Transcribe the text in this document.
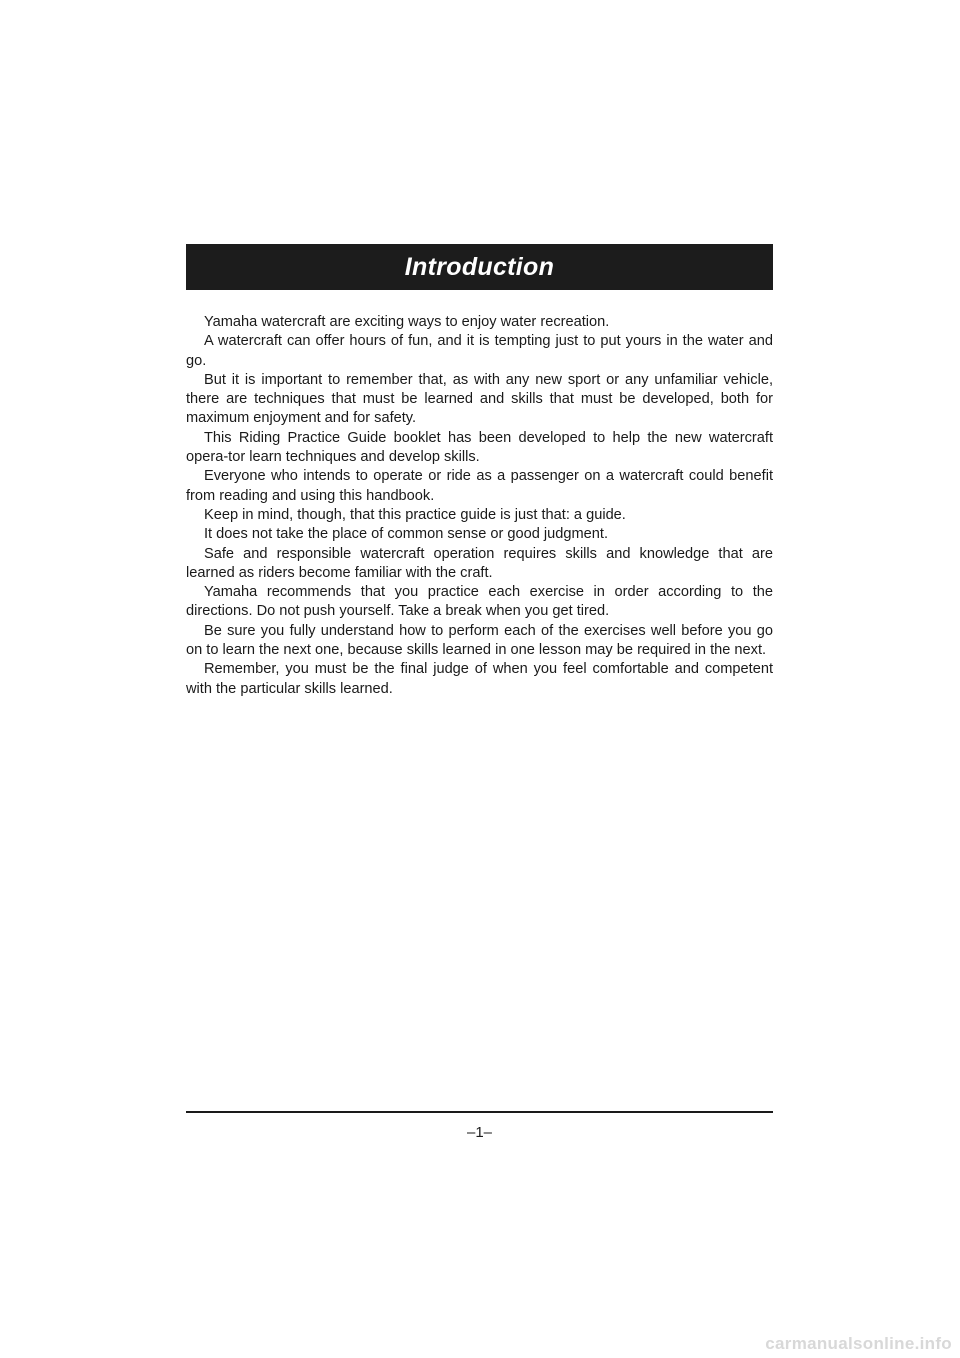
Introduction

Yamaha watercraft are exciting ways to enjoy water recreation.

A watercraft can offer hours of fun, and it is tempting just to put yours in the water and go.

But it is important to remember that, as with any new sport or any unfamiliar vehicle, there are techniques that must be learned and skills that must be developed, both for maximum enjoyment and for safety.

This Riding Practice Guide booklet has been developed to help the new watercraft opera-tor learn techniques and develop skills.

Everyone who intends to operate or ride as a passenger on a watercraft could benefit from reading and using this handbook.

Keep in mind, though, that this practice guide is just that: a guide.

It does not take the place of common sense or good judgment.

Safe and responsible watercraft operation requires skills and knowledge that are learned as riders become familiar with the craft.

Yamaha recommends that you practice each exercise in order according to the directions. Do not push yourself. Take a break when you get tired.

Be sure you fully understand how to perform each of the exercises well before you go on to learn the next one, because skills learned in one lesson may be required in the next.

Remember, you must be the final judge of when you feel comfortable and competent with the particular skills learned.

–1–
carmanualsonline.info
